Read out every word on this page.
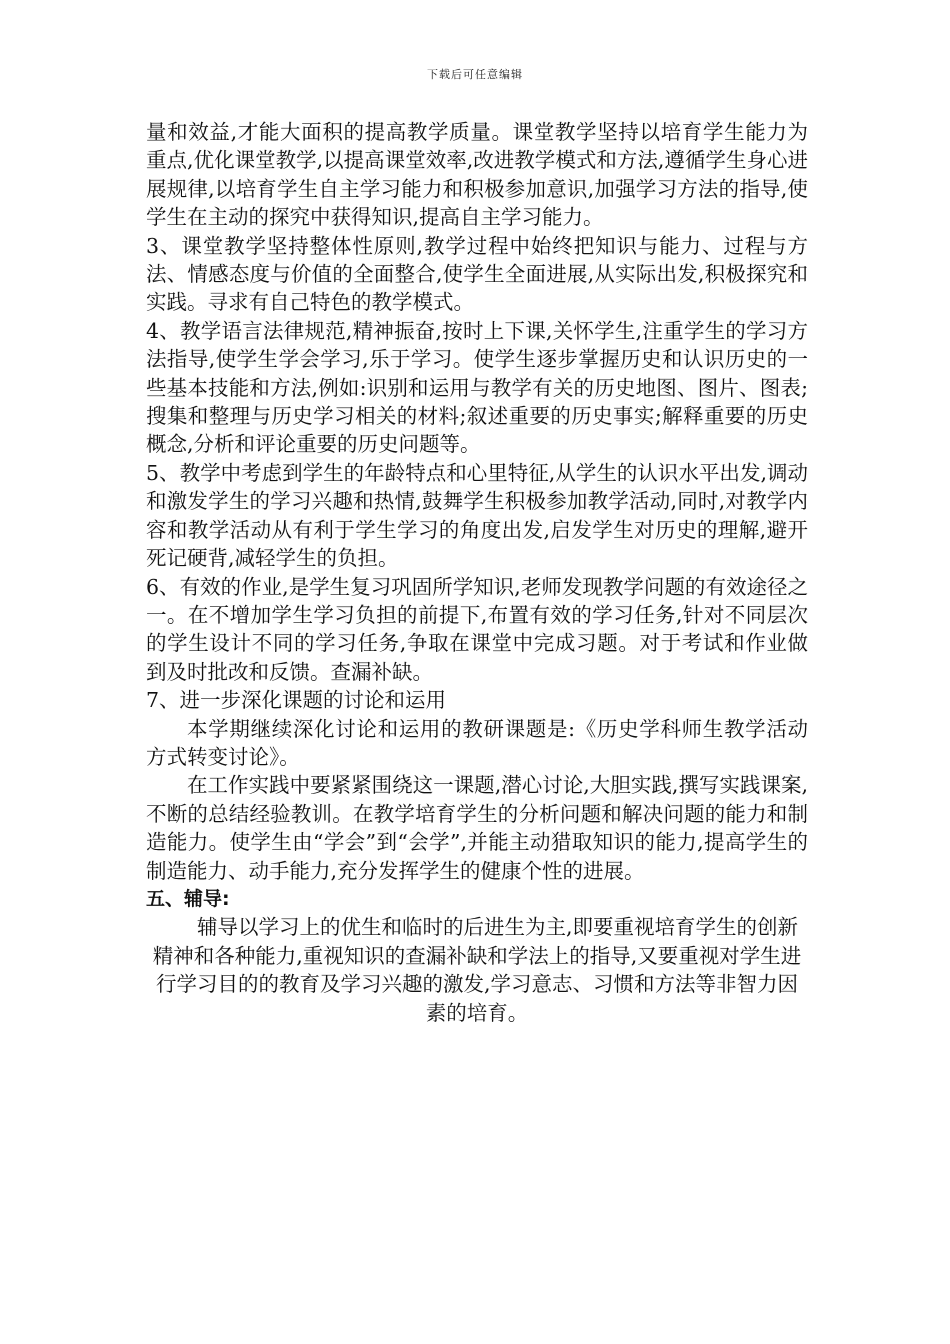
下载后可任意编辑

量和效益,才能大面积的提高教学质量。课堂教学坚持以培育学生能力为重点,优化课堂教学,以提高课堂效率,改进教学模式和方法,遵循学生身心进展规律,以培育学生自主学习能力和积极参加意识,加强学习方法的指导,使学生在主动的探究中获得知识,提高自主学习能力。

3、课堂教学坚持整体性原则,教学过程中始终把知识与能力、过程与方法、情感态度与价值的全面整合,使学生全面进展,从实际出发,积极探究和实践。寻求有自己特色的教学模式。

4、教学语言法律规范,精神振奋,按时上下课,关怀学生,注重学生的学习方法指导,使学生学会学习,乐于学习。使学生逐步掌握历史和认识历史的一些基本技能和方法,例如:识别和运用与教学有关的历史地图、图片、图表;搜集和整理与历史学习相关的材料;叙述重要的历史事实;解释重要的历史概念,分析和评论重要的历史问题等。

5、教学中考虑到学生的年龄特点和心里特征,从学生的认识水平出发,调动和激发学生的学习兴趣和热情,鼓舞学生积极参加教学活动,同时,对教学内容和教学活动从有利于学生学习的角度出发,启发学生对历史的理解,避开死记硬背,减轻学生的负担。

6、有效的作业,是学生复习巩固所学知识,老师发现教学问题的有效途径之一。在不增加学生学习负担的前提下,布置有效的学习任务,针对不同层次的学生设计不同的学习任务,争取在课堂中完成习题。对于考试和作业做到及时批改和反馈。查漏补缺。

7、进一步深化课题的讨论和运用

本学期继续深化讨论和运用的教研课题是:《历史学科师生教学活动方式转变讨论》。

在工作实践中要紧紧围绕这一课题,潜心讨论,大胆实践,撰写实践课案,不断的总结经验教训。在教学培育学生的分析问题和解决问题的能力和制造能力。使学生由“学会”到“会学”,并能主动猎取知识的能力,提高学生的制造能力、动手能力,充分发挥学生的健康个性的进展。

五、辅导:

辅导以学习上的优生和临时的后进生为主,即要重视培育学生的创新精神和各种能力,重视知识的查漏补缺和学法上的指导,又要重视对学生进行学习目的的教育及学习兴趣的激发,学习意志、习惯和方法等非智力因素的培育。
